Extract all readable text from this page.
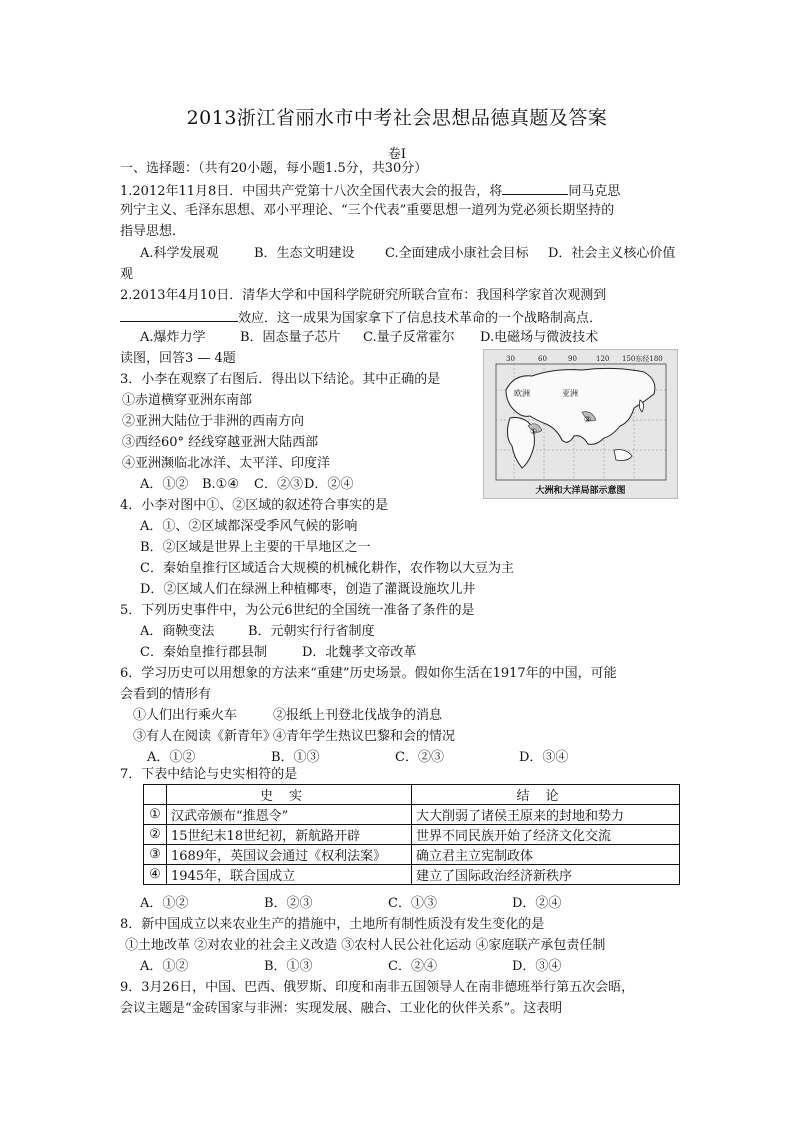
2013浙江省丽水市中考社会思想品德真题及答案
卷Ⅰ
一、选择题：（共有20小题，每小题1.5分，共30分）
1.2012年11月8日．中国共产党第十八次全国代表大会的报告，将	同马克思
列宁主义、毛泽东思想、邓小平理论、“三个代表”重要思想一道列为党必须长期坚持的
指导思想．
A.科学发展观	B．生态文明建设 C.全面建成小康社会目标 D．社会主义核心价值
观
2.2013年4月10日．清华大学和中国科学院研究所联合宣布：我国科学家首次观测到
效应．这一成果为国家拿下了信息技术革命的一个战略制高点．
A.爆炸力学	B．固态量子芯片 C.量子反常霍尔 D.电磁场与微波技术
读图，回答3 — 4题
3．小李在观察了右图后．得出以下结论。其中正确的是
①赤道横穿亚洲东南部
②亚洲大陆位于非洲的西南方向
③西经60° 经线穿越亚洲大陆西部
④亚洲濒临北冰洋、太平洋、印度洋
A．①② B.①④ C．②③D．②④
30	60	90	120 150东经180
欧洲	亚洲
①
②
大洲和大洋局部示意图
4．小李对图中①、②区域的叙述符合事实的是
A．①、②区域都深受季风气候的影响
B．②区域是世界上主要的干旱地区之一
C．秦始皇推行区域适合大规模的机械化耕作，农作物以大豆为主
D．②区域人们在绿洲上种植椰枣，创造了灌溉设施坎儿井
5．下列历史事件中，为公元6世纪的全国统一准备了条件的是
A．商鞅变法	B．元朝实行行省制度
C．秦始皇推行郡县制	D．北魏孝文帝改革
6．学习历史可以用想象的方法来“重建”历史场景。假如你生活在1917年的中国，可能
会看到的情形有
①人们出行乘火车	②报纸上刊登北伐战争的消息
③有人在阅读《新青年》④青年学生热议巴黎和会的情况
A．①②	B．①③	C．②③	D．③④
7．下表中结论与史实相符的是
	史实	结论
①	汉武帝颁布“推恩令”	大大削弱了诸侯王原来的封地和势力
②	15世纪末18世纪初，新航路开辟	世界不同民族开始了经济文化交流
③	1689年，英国议会通过《权利法案》	确立君主立宪制政体
④	1945年，联合国成立	建立了国际政治经济新秩序
A．①②	B．②③	C．①③	D．②④
8．新中国成立以来农业生产的措施中，土地所有制性质没有发生变化的是
①土地改革 ②对农业的社会主义改造 ③农村人民公社化运动 ④家庭联产承包责任制
A．①②	B．①③	C．②④	D．③④
9．3月26日，中国、巴西、俄罗斯、印度和南非五国领导人在南非德班举行第五次会晤，
会议主题是“金砖国家与非洲：实现发展、融合、工业化的伙伴关系”。这表明
